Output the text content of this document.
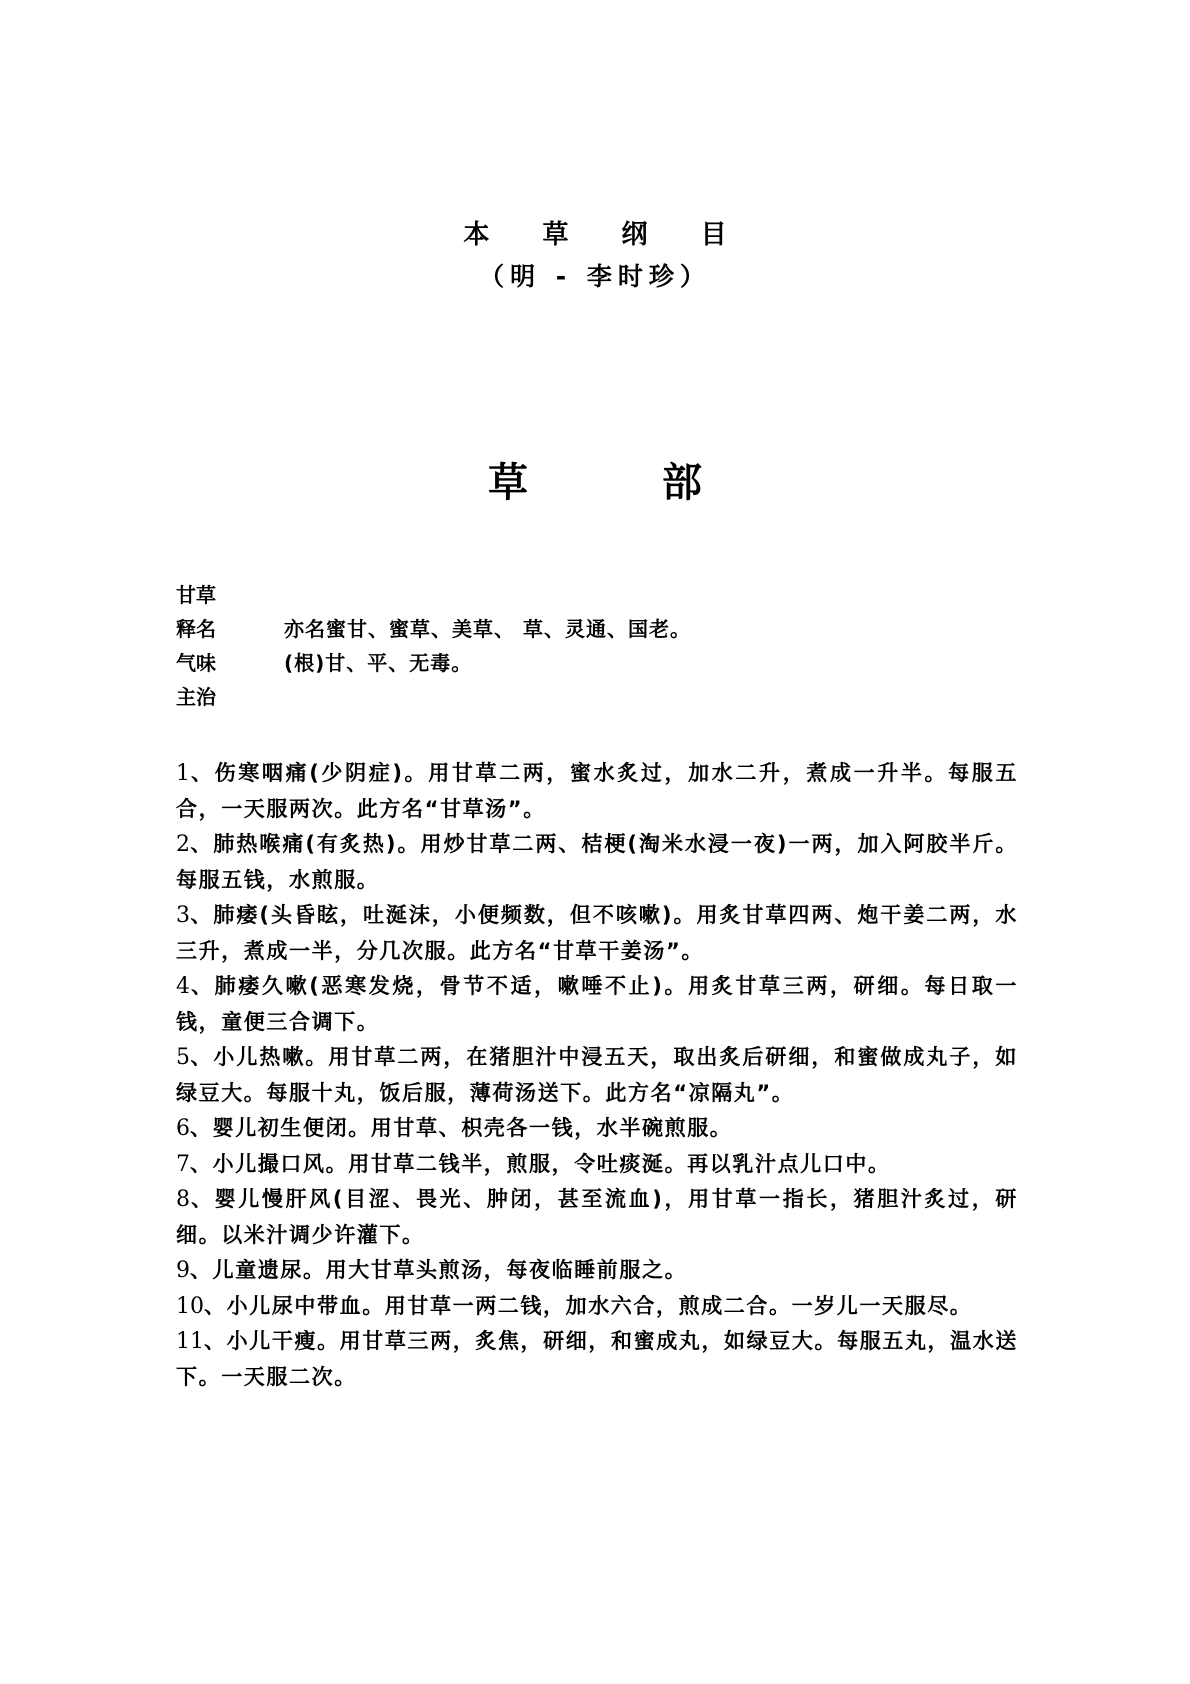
本 草 纲 目
（明 - 李时珍）
草 部
甘草
释名	亦名蜜甘、蜜草、美草、 草、灵通、国老。
气味	(根)甘、平、无毒。
主治

1、伤寒咽痛(少阴症)。用甘草二两，蜜水炙过，加水二升，煮成一升半。每服五合，一天服两次。此方名“甘草汤”。

2、肺热喉痛(有炙热)。用炒甘草二两、桔梗(淘米水浸一夜)一两，加入阿胶半斤。每服五钱，水煎服。

3、肺痿(头昏眩，吐涎沫，小便频数，但不咳嗽)。用炙甘草四两、炮干姜二两，水三升，煮成一半，分几次服。此方名“甘草干姜汤”。

4、肺痿久嗽(恶寒发烧，骨节不适，嗽唾不止)。用炙甘草三两，研细。每日取一钱，童便三合调下。

5、小儿热嗽。用甘草二两，在猪胆汁中浸五天，取出炙后研细，和蜜做成丸子，如绿豆大。每服十丸，饭后服，薄荷汤送下。此方名“凉隔丸”。

6、婴儿初生便闭。用甘草、枳壳各一钱，水半碗煎服。

7、小儿撮口风。用甘草二钱半，煎服，令吐痰涎。再以乳汁点儿口中。

8、婴儿慢肝风(目涩、畏光、肿闭，甚至流血)，用甘草一指长，猪胆汁炙过，研细。以米汁调少许灌下。

9、儿童遗尿。用大甘草头煎汤，每夜临睡前服之。

10、小儿尿中带血。用甘草一两二钱，加水六合，煎成二合。一岁儿一天服尽。

11、小儿干瘦。用甘草三两，炙焦，研细，和蜜成丸，如绿豆大。每服五丸，温水送下。一天服二次。
